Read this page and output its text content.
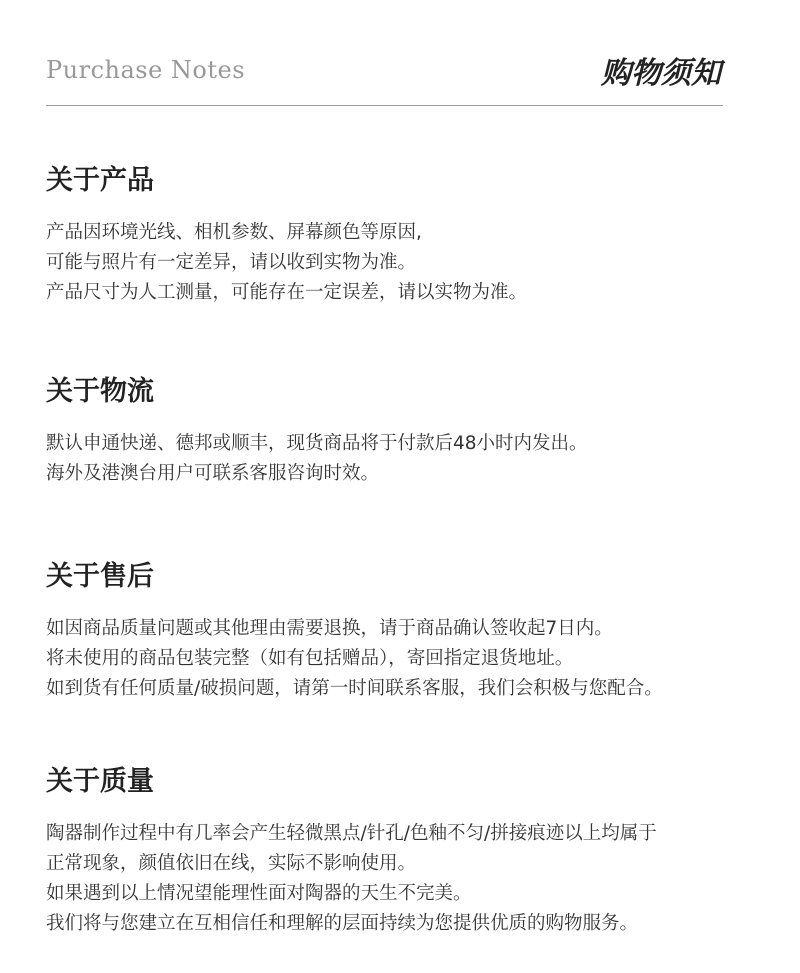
Purchase Notes	购物须知
关于产品
产品因环境光线、相机参数、屏幕颜色等原因,
可能与照片有一定差异，请以收到实物为准。
产品尺寸为人工测量，可能存在一定误差，请以实物为准。
关于物流
默认申通快递、德邦或顺丰，现货商品将于付款后48小时内发出。
海外及港澳台用户可联系客服咨询时效。
关于售后
如因商品质量问题或其他理由需要退换，请于商品确认签收起7日内。
将未使用的商品包装完整（如有包括赠品），寄回指定退货地址。
如到货有任何质量/破损问题，请第一时间联系客服，我们会积极与您配合。
关于质量
陶器制作过程中有几率会产生轻微黑点/针孔/色釉不匀/拼接痕迹以上均属于
正常现象，颜值依旧在线，实际不影响使用。
如果遇到以上情况望能理性面对陶器的天生不完美。
我们将与您建立在互相信任和理解的层面持续为您提供优质的购物服务。
